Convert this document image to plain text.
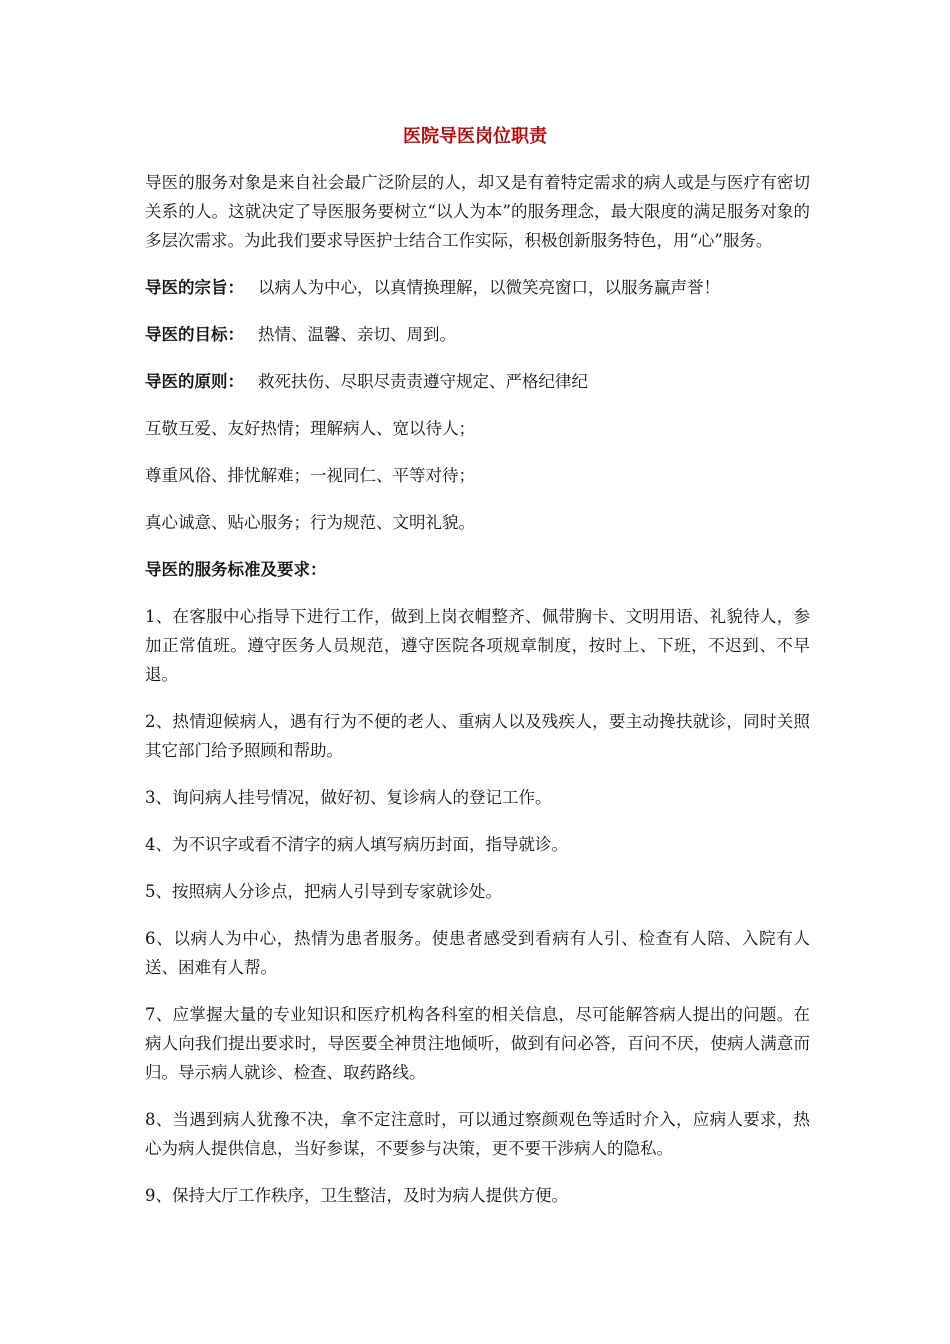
医院导医岗位职责

导医的服务对象是来自社会最广泛阶层的人，却又是有着特定需求的病人或是与医疗有密切关系的人。这就决定了导医服务要树立“以人为本”的服务理念，最大限度的满足服务对象的多层次需求。为此我们要求导医护士结合工作实际，积极创新服务特色，用“心”服务。

导医的宗旨： 以病人为中心，以真情换理解，以微笑亮窗口，以服务赢声誉！

导医的目标： 热情、温馨、亲切、周到。

导医的原则： 救死扶伤、尽职尽责责遵守规定、严格纪律纪

互敬互爱、友好热情；理解病人、宽以待人；

尊重风俗、排忧解难；一视同仁、平等对待；

真心诚意、贴心服务；行为规范、文明礼貌。

导医的服务标准及要求：

1、在客服中心指导下进行工作，做到上岗衣帽整齐、佩带胸卡、文明用语、礼貌待人，参加正常值班。遵守医务人员规范，遵守医院各项规章制度，按时上、下班，不迟到、不早退。

2、热情迎候病人，遇有行为不便的老人、重病人以及残疾人，要主动搀扶就诊，同时关照其它部门给予照顾和帮助。

3、询问病人挂号情况，做好初、复诊病人的登记工作。

4、为不识字或看不清字的病人填写病历封面，指导就诊。

5、按照病人分诊点，把病人引导到专家就诊处。

6、以病人为中心，热情为患者服务。使患者感受到看病有人引、检查有人陪、入院有人送、困难有人帮。

7、应掌握大量的专业知识和医疗机构各科室的相关信息，尽可能解答病人提出的问题。在病人向我们提出要求时，导医要全神贯注地倾听，做到有问必答，百问不厌，使病人满意而归。导示病人就诊、检查、取药路线。

8、当遇到病人犹豫不决，拿不定注意时，可以通过察颜观色等适时介入，应病人要求，热心为病人提供信息，当好参谋，不要参与决策，更不要干涉病人的隐私。

9、保持大厅工作秩序，卫生整洁，及时为病人提供方便。
